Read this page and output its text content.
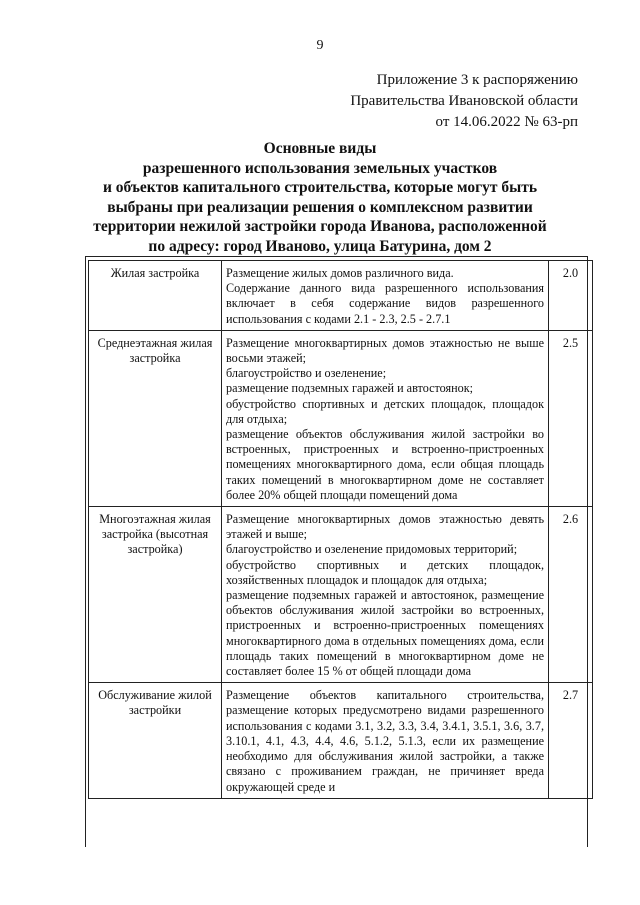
9
Приложение 3 к распоряжению
Правительства Ивановской области
от 14.06.2022 № 63-рп
Основные виды
разрешенного использования земельных участков
и объектов капитального строительства, которые могут быть
выбраны при реализации решения о комплексном развитии
территории нежилой застройки города Иванова, расположенной
по адресу: город Иваново, улица Батурина, дом 2
Жилая застройка	Размещение жилых домов различного вида.
Содержание данного вида разрешенного использования включает в себя содержание видов разрешенного использования с кодами 2.1 - 2.3, 2.5 - 2.7.1	2.0
Среднеэтажная жилая застройка	Размещение многоквартирных домов этажностью не выше восьми этажей;
благоустройство и озеленение;
размещение подземных гаражей и автостоянок;
обустройство спортивных и детских площадок, площадок для отдыха;
размещение объектов обслуживания жилой застройки во встроенных, пристроенных и встроенно-пристроенных помещениях многоквартирного дома, если общая площадь таких помещений в многоквартирном доме не составляет более 20% общей площади помещений дома	2.5
Многоэтажная жилая застройка (высотная застройка)	Размещение многоквартирных домов этажностью девять этажей и выше;
благоустройство и озеленение придомовых территорий;
обустройство спортивных и детских площадок, хозяйственных площадок и площадок для отдыха;
размещение подземных гаражей и автостоянок, размещение объектов обслуживания жилой застройки во встроенных, пристроенных и встроенно-пристроенных помещениях многоквартирного дома в отдельных помещениях дома, если площадь таких помещений в многоквартирном доме не составляет более 15 % от общей площади дома	2.6
Обслуживание жилой застройки	Размещение объектов капитального строительства, размещение которых предусмотрено видами разрешенного использования с кодами 3.1, 3.2, 3.3, 3.4, 3.4.1, 3.5.1, 3.6, 3.7, 3.10.1, 4.1, 4.3, 4.4, 4.6, 5.1.2, 5.1.3, если их размещение необходимо для обслуживания жилой застройки, а также связано с проживанием граждан, не причиняет вреда окружающей среде и	2.7
